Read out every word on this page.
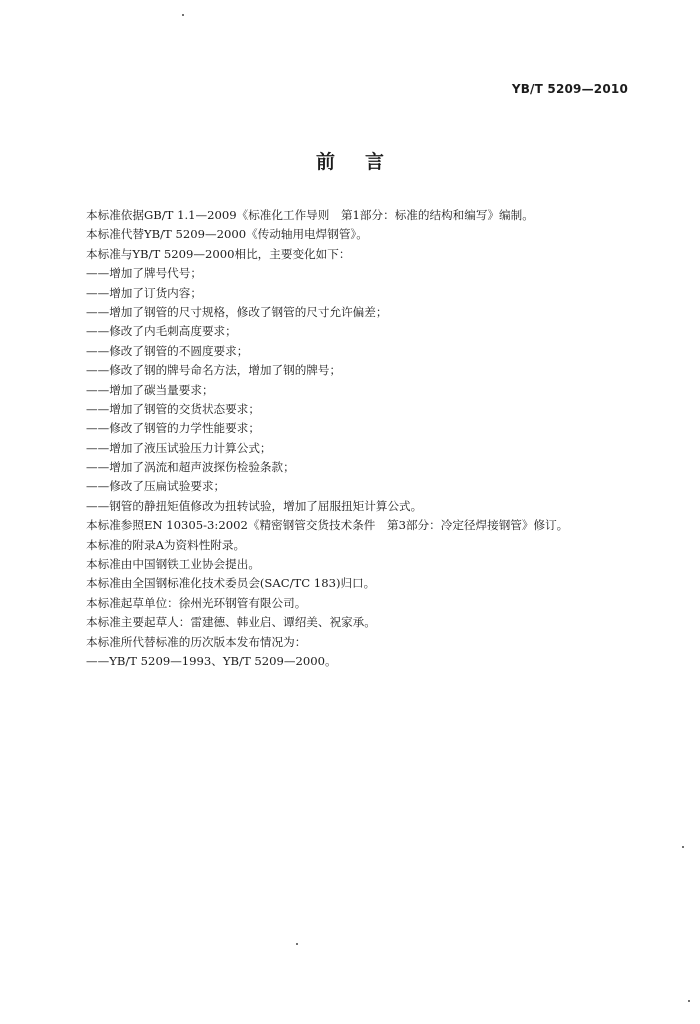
YB/T 5209—2010
前言
本标准依据GB/T 1.1—2009《标准化工作导则　第1部分：标准的结构和编写》编制。
本标准代替YB/T 5209—2000《传动轴用电焊钢管》。
本标准与YB/T 5209—2000相比，主要变化如下：
——增加了牌号代号；
——增加了订货内容；
——增加了钢管的尺寸规格，修改了钢管的尺寸允许偏差；
——修改了内毛刺高度要求；
——修改了钢管的不圆度要求；
——修改了钢的牌号命名方法，增加了钢的牌号；
——增加了碳当量要求；
——增加了钢管的交货状态要求；
——修改了钢管的力学性能要求；
——增加了液压试验压力计算公式；
——增加了涡流和超声波探伤检验条款；
——修改了压扁试验要求；
——钢管的静扭矩值修改为扭转试验，增加了屈服扭矩计算公式。
本标准参照EN 10305-3:2002《精密钢管交货技术条件　第3部分：冷定径焊接钢管》修订。
本标准的附录A为资料性附录。
本标准由中国钢铁工业协会提出。
本标准由全国钢标准化技术委员会(SAC/TC 183)归口。
本标准起草单位：徐州光环钢管有限公司。
本标准主要起草人：雷建德、韩业启、谭绍美、祝家承。
本标准所代替标准的历次版本发布情况为：
——YB/T 5209—1993、YB/T 5209—2000。
